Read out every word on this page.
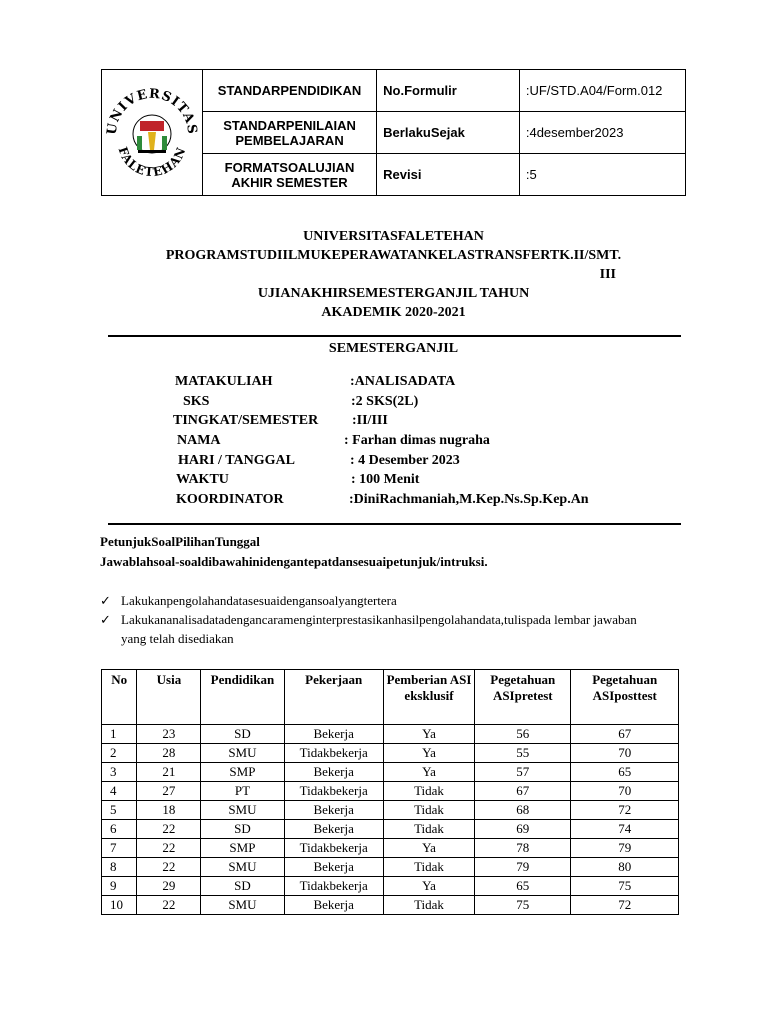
UNIVERSITAS
FALETEHAN	STANDARPENDIDIKAN	No.Formulir	:UF/STD.A04/Form.012
	STANDARPENILAIAN PEMBELAJARAN	BerlakuSejak	:4desember2023
	FORMATSOALUJIAN AKHIR SEMESTER	Revisi	:5
UNIVERSITASFALETEHAN
PROGRAMSTUDIILMUKEPERAWATANKELASTRANSFERTK.II/SMT.
III
UJIANAKHIRSEMESTERGANJIL TAHUN
AKADEMIK 2020-2021
SEMESTERGANJIL
MATAKULIAH	:ANALISADATA
SKS	:2 SKS(2L)
TINGKAT/SEMESTER :II/III
NAMA	: Farhan dimas nugraha
HARI / TANGGAL	: 4 Desember 2023
WAKTU	: 100 Menit
KOORDINATOR	:DiniRachmaniah,M.Kep.Ns.Sp.Kep.An
PetunjukSoalPilihanTunggal
Jawablahsoal-soaldibawahinidengantepatdansesuaipetunjuk/intruksi.
✓ Lakukanpengolahandatasesuaidengansoalyangtertera
✓ Lakukananalisadatadengancaramenginterprestasikanhasilpengolahandata,tulispada lembar jawaban yang telah disediakan
No	Usia	Pendidikan	Pekerjaan	Pemberian ASI eksklusif	Pegetahuan ASIpretest	Pegetahuan ASIposttest
1	23	SD	Bekerja	Ya	56	67
2	28	SMU	Tidakbekerja	Ya	55	70
3	21	SMP	Bekerja	Ya	57	65
4	27	PT	Tidakbekerja	Tidak	67	70
5	18	SMU	Bekerja	Tidak	68	72
6	22	SD	Bekerja	Tidak	69	74
7	22	SMP	Tidakbekerja	Ya	78	79
8	22	SMU	Bekerja	Tidak	79	80
9	29	SD	Tidakbekerja	Ya	65	75
10	22	SMU	Bekerja	Tidak	75	72
